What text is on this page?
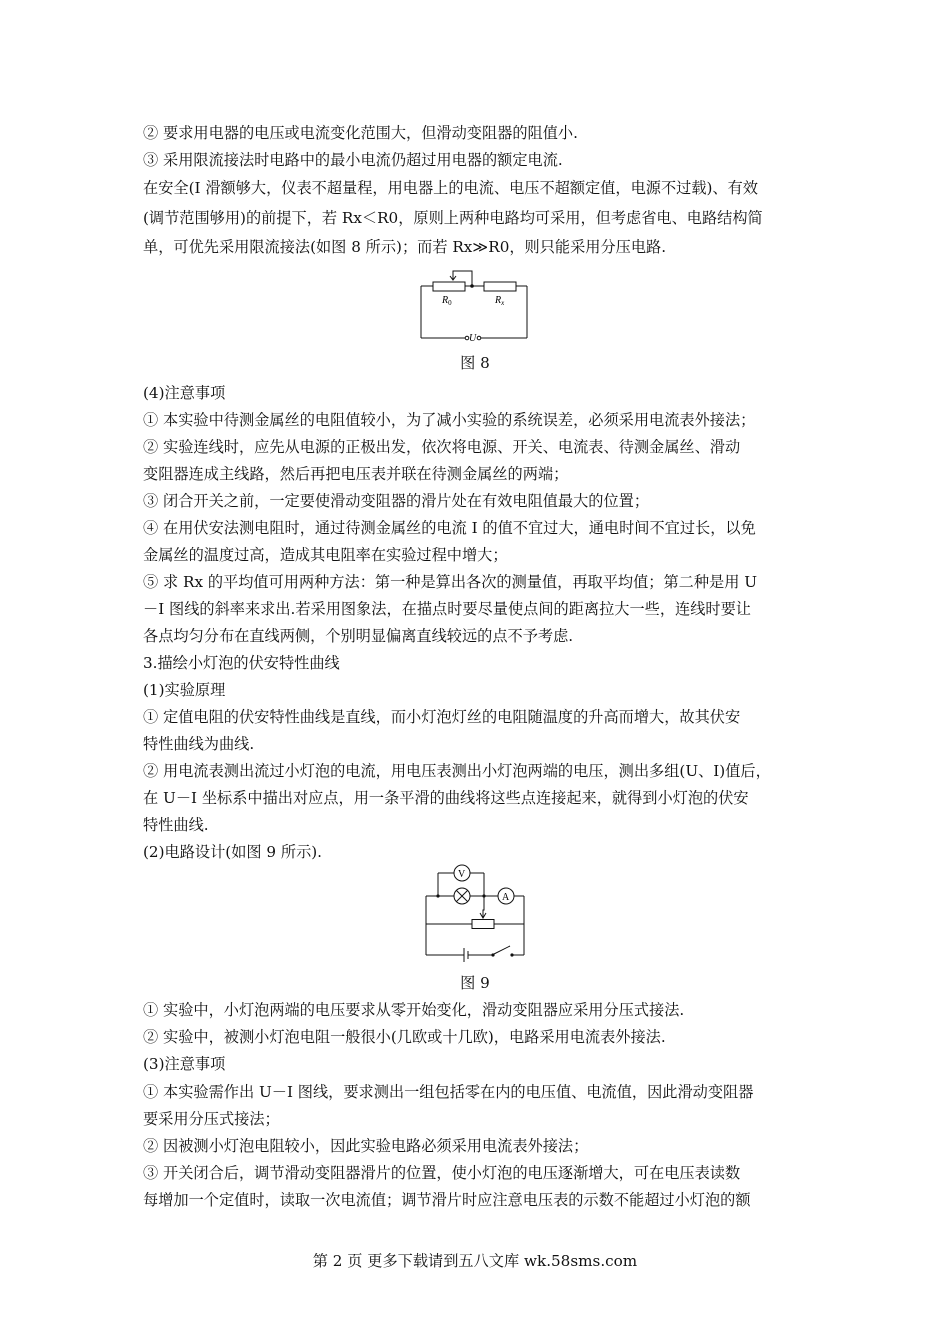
② 要求用电器的电压或电流变化范围大，但滑动变阻器的阻值小.
③ 采用限流接法时电路中的最小电流仍超过用电器的额定电流.
在安全(I 滑额够大，仪表不超量程，用电器上的电流、电压不超额定值，电源不过载)、有效
(调节范围够用)的前提下，若 Rx＜R0，原则上两种电路均可采用，但考虑省电、电路结构简
单，可优先采用限流接法(如图 8 所示)；而若 Rx≫R0，则只能采用分压电路.
$R_0$	$R_x$
U
图 8
(4)注意事项
① 本实验中待测金属丝的电阻值较小，为了减小实验的系统误差，必须采用电流表外接法；
② 实验连线时，应先从电源的正极出发，依次将电源、开关、电流表、待测金属丝、滑动
变阻器连成主线路，然后再把电压表并联在待测金属丝的两端；
③ 闭合开关之前，一定要使滑动变阻器的滑片处在有效电阻值最大的位置；
④ 在用伏安法测电阻时，通过待测金属丝的电流 I 的值不宜过大，通电时间不宜过长，以免
金属丝的温度过高，造成其电阻率在实验过程中增大；
⑤ 求 Rx 的平均值可用两种方法：第一种是算出各次的测量值，再取平均值；第二种是用 U
－I 图线的斜率来求出.若采用图象法，在描点时要尽量使点间的距离拉大一些，连线时要让
各点均匀分布在直线两侧，个别明显偏离直线较远的点不予考虑.
3.描绘小灯泡的伏安特性曲线
(1)实验原理
① 定值电阻的伏安特性曲线是直线，而小灯泡灯丝的电阻随温度的升高而增大，故其伏安
特性曲线为曲线.
② 用电流表测出流过小灯泡的电流，用电压表测出小灯泡两端的电压，测出多组(U、I)值后，
在 U－I 坐标系中描出对应点，用一条平滑的曲线将这些点连接起来，就得到小灯泡的伏安
特性曲线.
(2)电路设计(如图 9 所示).
V
A
图 9
① 实验中，小灯泡两端的电压要求从零开始变化，滑动变阻器应采用分压式接法.
② 实验中，被测小灯泡电阻一般很小(几欧或十几欧)，电路采用电流表外接法.
(3)注意事项
① 本实验需作出 U－I 图线，要求测出一组包括零在内的电压值、电流值，因此滑动变阻器
要采用分压式接法；
② 因被测小灯泡电阻较小，因此实验电路必须采用电流表外接法；
③ 开关闭合后，调节滑动变阻器滑片的位置，使小灯泡的电压逐渐增大，可在电压表读数
每增加一个定值时，读取一次电流值；调节滑片时应注意电压表的示数不能超过小灯泡的额
第 2 页 更多下载请到五八文库 wk.58sms.com
